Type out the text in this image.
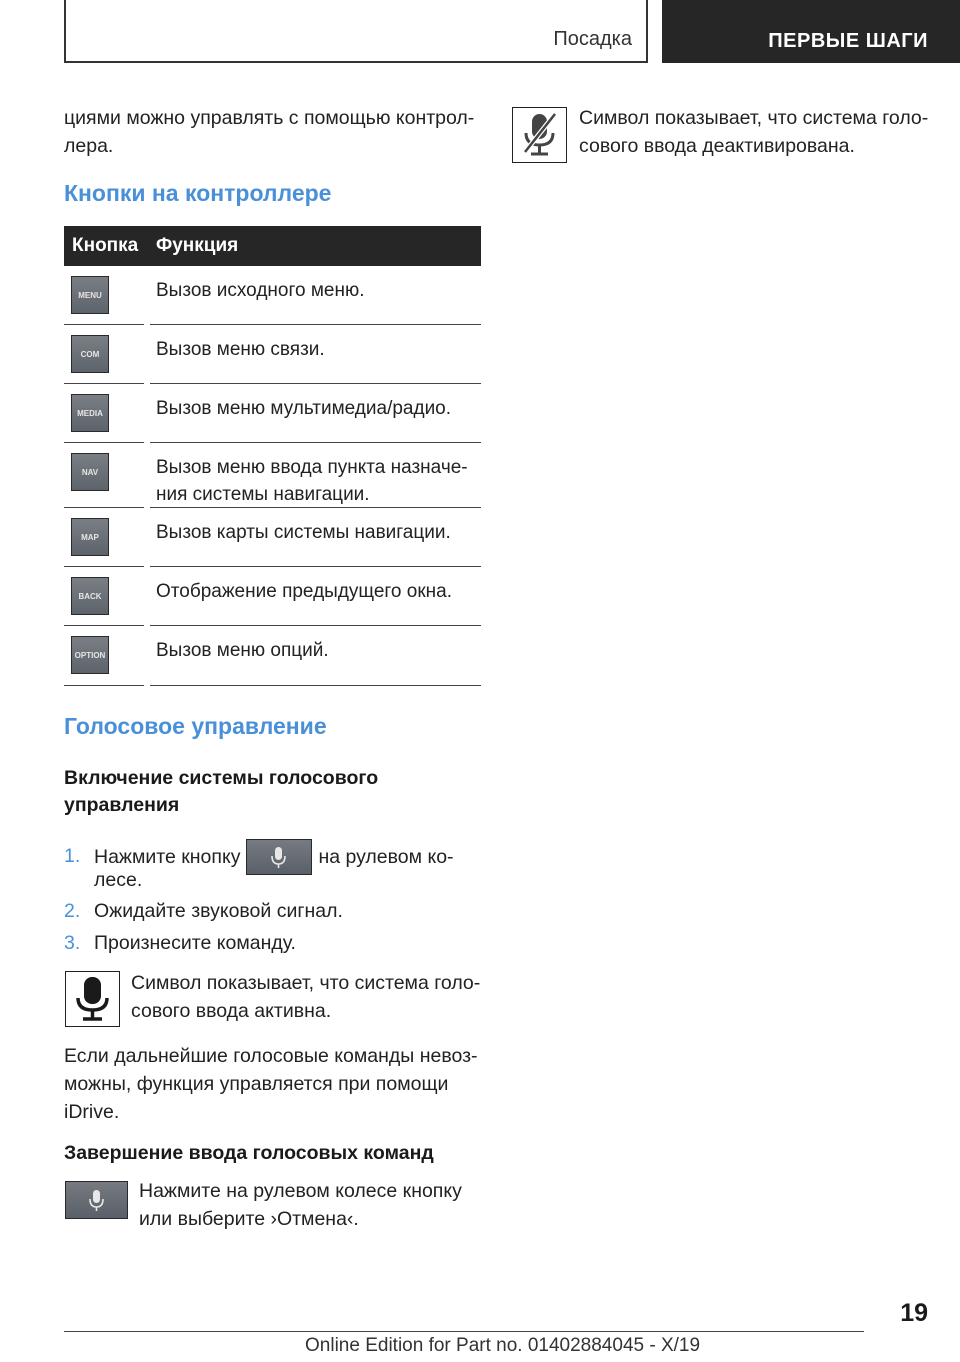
Посадка	ПЕРВЫЕ ШАГИ
циями можно управлять с помощью контрол-
лера.
Кнопки на контроллере
Кнопка Функция
MENU	Вызов исходного меню.
COM	Вызов меню связи.
MEDIA	Вызов меню мультимедиа/радио.
NAV	Вызов меню ввода пункта назначе-
ния системы навигации.
MAP	Вызов карты системы навигации.
BACK	Отображение предыдущего окна.
OPTION	Вызов меню опций.
Голосовое управление
Включение системы голосового
управления
1. Нажмите кнопку	на рулевом ко-
лесе.
2. Ожидайте звуковой сигнал.
3. Произнесите команду.
Символ показывает, что система голо-
сового ввода активна.
Если дальнейшие голосовые команды невоз-
можны, функция управляется при помощи
iDrive.
Завершение ввода голосовых команд
Нажмите на рулевом колесе кнопку
или выберите ›Отмена‹.
Символ показывает, что система голо-
сового ввода деактивирована.
19
Online Edition for Part no. 01402884045 - X/19
